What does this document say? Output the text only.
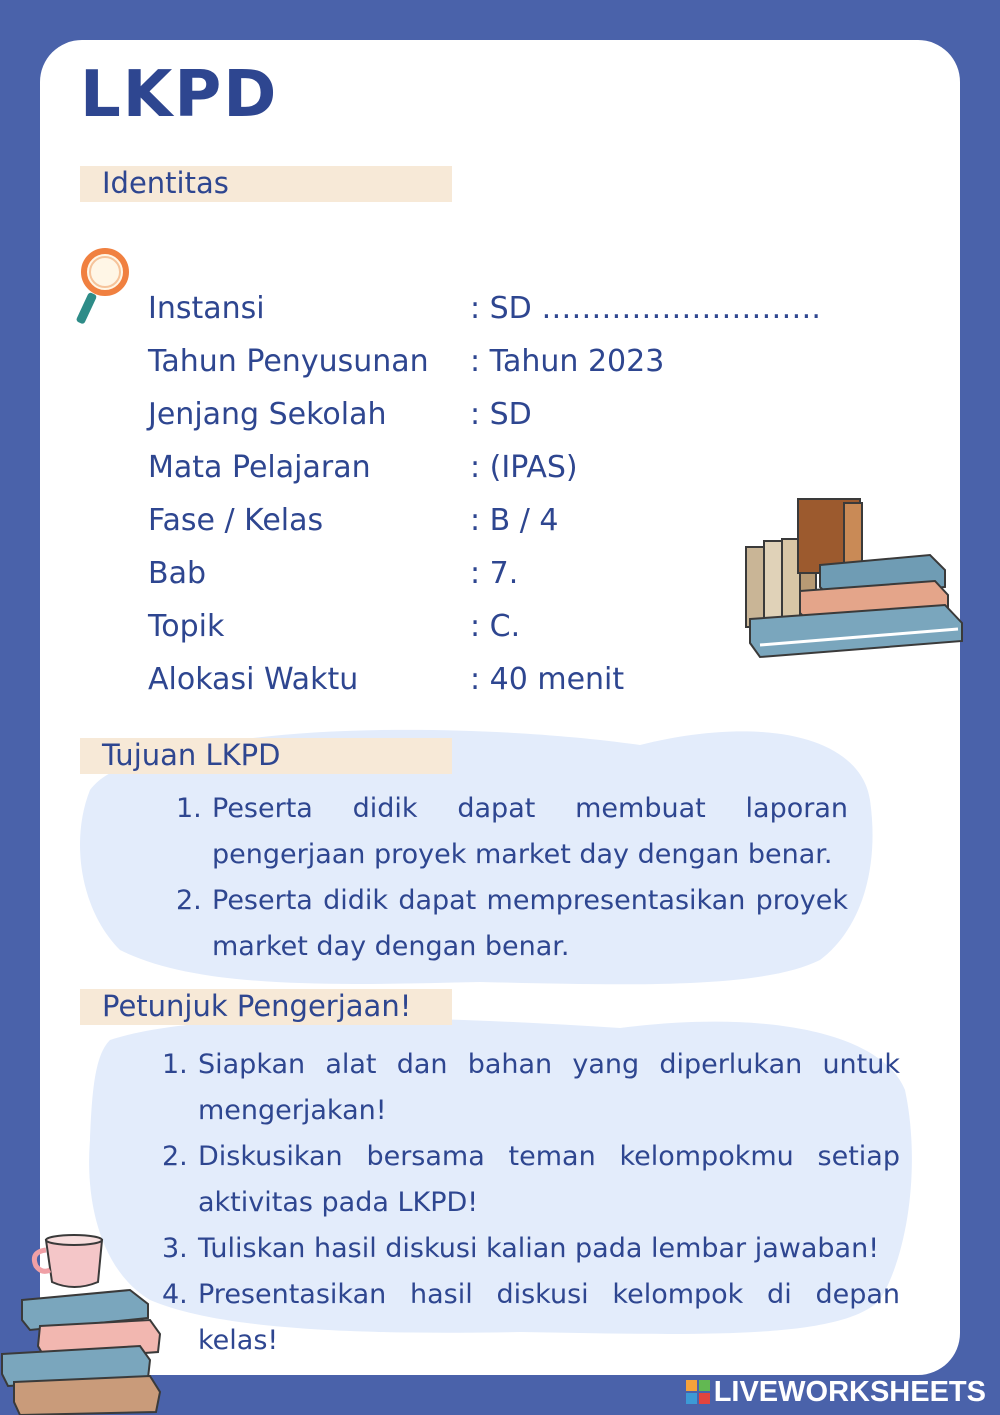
LKPD
Identitas
Instansi	: SD ……………………….
Tahun Penyusunan : Tahun 2023
Jenjang Sekolah	: SD
Mata Pelajaran	: (IPAS)
Fase / Kelas	: B / 4
Bab	: 7.
Topik	: C.
Alokasi Waktu	: 40 menit
Tujuan LKPD
1. Peserta didik dapat membuat laporan
pengerjaan proyek market day dengan benar.
2. Peserta didik dapat mempresentasikan proyek
market day dengan benar.
Petunjuk Pengerjaan!
1. Siapkan alat dan bahan yang diperlukan untuk
mengerjakan!
2. Diskusikan bersama teman kelompokmu setiap
aktivitas pada LKPD!
3. Tuliskan hasil diskusi kalian pada lembar jawaban!
4. Presentasikan hasil diskusi kelompok di depan kelas!
LIVEWORKSHEETS
